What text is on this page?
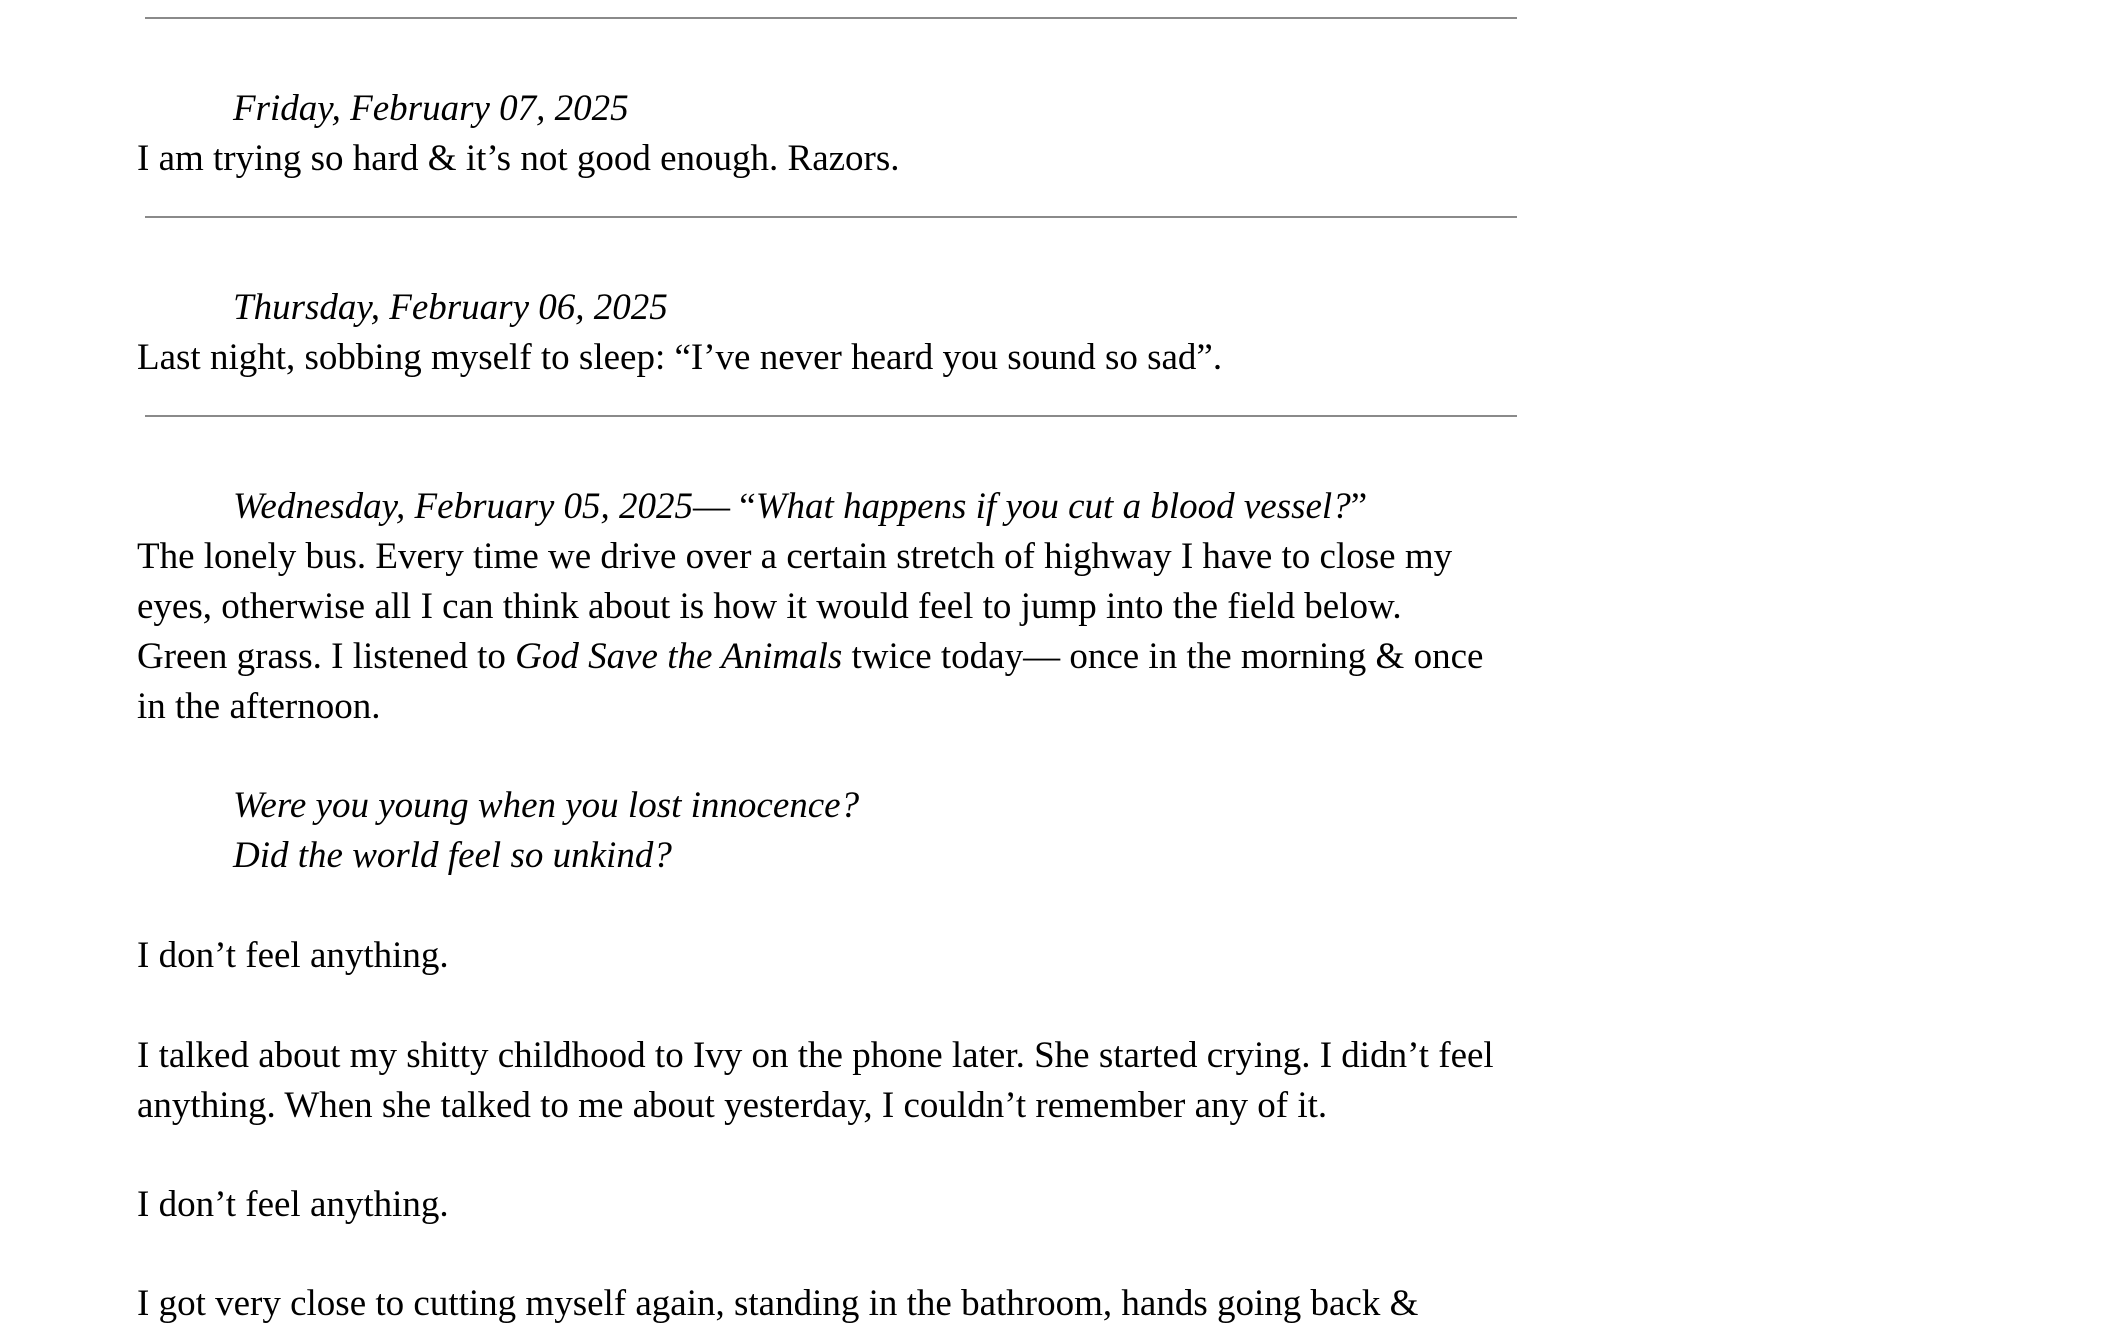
Friday, February 07, 2025
I am trying so hard & it’s not good enough. Razors.
Thursday, February 06, 2025
Last night, sobbing myself to sleep: “I’ve never heard you sound so sad”.
Wednesday, February 05, 2025— “What happens if you cut a blood vessel?”
The lonely bus. Every time we drive over a certain stretch of highway I have to close my
eyes, otherwise all I can think about is how it would feel to jump into the field below.
Green grass. I listened to God Save the Animals twice today— once in the morning & once
in the afternoon.
Were you young when you lost innocence?
Did the world feel so unkind?
I don’t feel anything.
I talked about my shitty childhood to Ivy on the phone later. She started crying. I didn’t feel
anything. When she talked to me about yesterday, I couldn’t remember any of it.
I don’t feel anything.
I got very close to cutting myself again, standing in the bathroom, hands going back &
